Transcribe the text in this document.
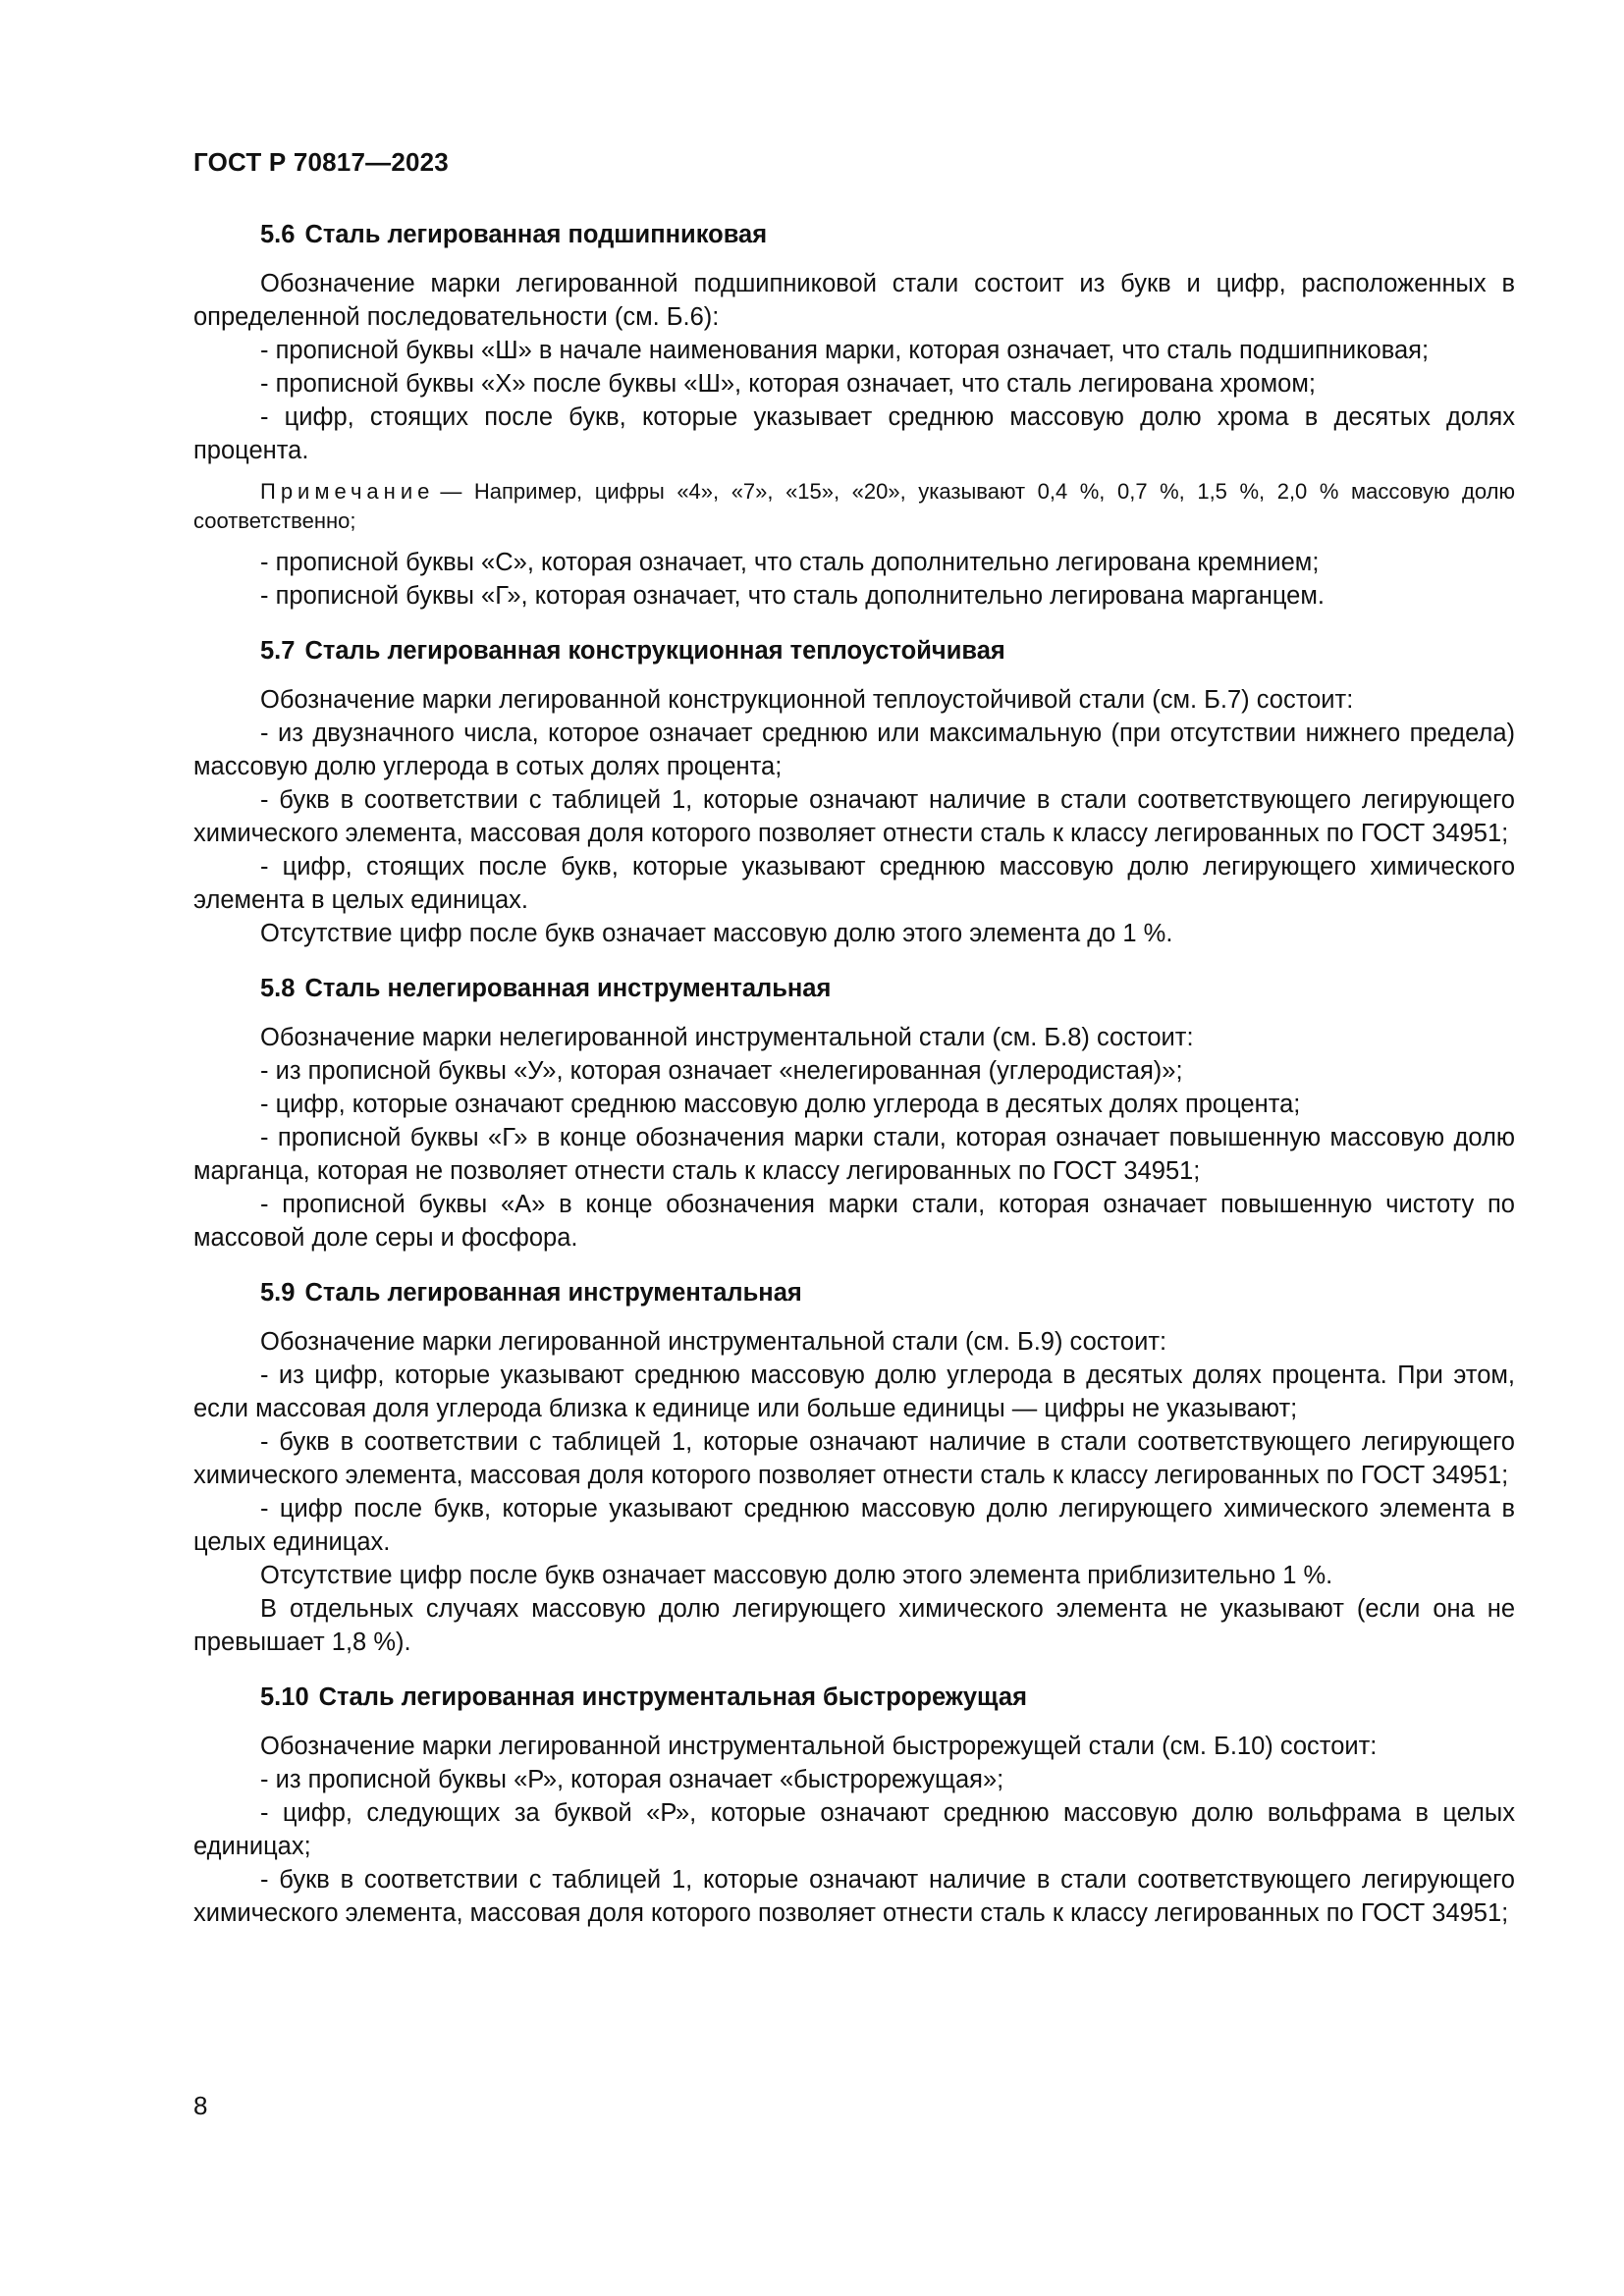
ГОСТ Р 70817—2023
5.6 Сталь легированная подшипниковая

Обозначение марки легированной подшипниковой стали состоит из букв и цифр, расположенных в определенной последовательности (см. Б.6):

- прописной буквы «Ш» в начале наименования марки, которая означает, что сталь подшипниковая;

- прописной буквы «Х» после буквы «Ш», которая означает, что сталь легирована хромом;

- цифр, стоящих после букв, которые указывает среднюю массовую долю хрома в десятых долях процента.

Примечание — Например, цифры «4», «7», «15», «20», указывают 0,4 %, 0,7 %, 1,5 %, 2,0 % массовую долю соответственно;

- прописной буквы «С», которая означает, что сталь дополнительно легирована кремнием;

- прописной буквы «Г», которая означает, что сталь дополнительно легирована марганцем.

5.7 Сталь легированная конструкционная теплоустойчивая

Обозначение марки легированной конструкционной теплоустойчивой стали (см. Б.7) состоит:

- из двузначного числа, которое означает среднюю или максимальную (при отсутствии нижнего предела) массовую долю углерода в сотых долях процента;

- букв в соответствии с таблицей 1, которые означают наличие в стали соответствующего легирующего химического элемента, массовая доля которого позволяет отнести сталь к классу легированных по ГОСТ 34951;

- цифр, стоящих после букв, которые указывают среднюю массовую долю легирующего химического элемента в целых единицах.

Отсутствие цифр после букв означает массовую долю этого элемента до 1 %.

5.8 Сталь нелегированная инструментальная

Обозначение марки нелегированной инструментальной стали (см. Б.8) состоит:

- из прописной буквы «У», которая означает «нелегированная (углеродистая)»;

- цифр, которые означают среднюю массовую долю углерода в десятых долях процента;

- прописной буквы «Г» в конце обозначения марки стали, которая означает повышенную массовую долю марганца, которая не позволяет отнести сталь к классу легированных по ГОСТ 34951;

- прописной буквы «А» в конце обозначения марки стали, которая означает повышенную чистоту по массовой доле серы и фосфора.

5.9 Сталь легированная инструментальная

Обозначение марки легированной инструментальной стали (см. Б.9) состоит:

- из цифр, которые указывают среднюю массовую долю углерода в десятых долях процента. При этом, если массовая доля углерода близка к единице или больше единицы — цифры не указывают;

- букв в соответствии с таблицей 1, которые означают наличие в стали соответствующего легирующего химического элемента, массовая доля которого позволяет отнести сталь к классу легированных по ГОСТ 34951;

- цифр после букв, которые указывают среднюю массовую долю легирующего химического элемента в целых единицах.

Отсутствие цифр после букв означает массовую долю этого элемента приблизительно 1 %.

В отдельных случаях массовую долю легирующего химического элемента не указывают (если она не превышает 1,8 %).

5.10 Сталь легированная инструментальная быстрорежущая

Обозначение марки легированной инструментальной быстрорежущей стали (см. Б.10) состоит:

- из прописной буквы «Р», которая означает «быстрорежущая»;

- цифр, следующих за буквой «Р», которые означают среднюю массовую долю вольфрама в целых единицах;

- букв в соответствии с таблицей 1, которые означают наличие в стали соответствующего легирующего химического элемента, массовая доля которого позволяет отнести сталь к классу легированных по ГОСТ 34951;

8
